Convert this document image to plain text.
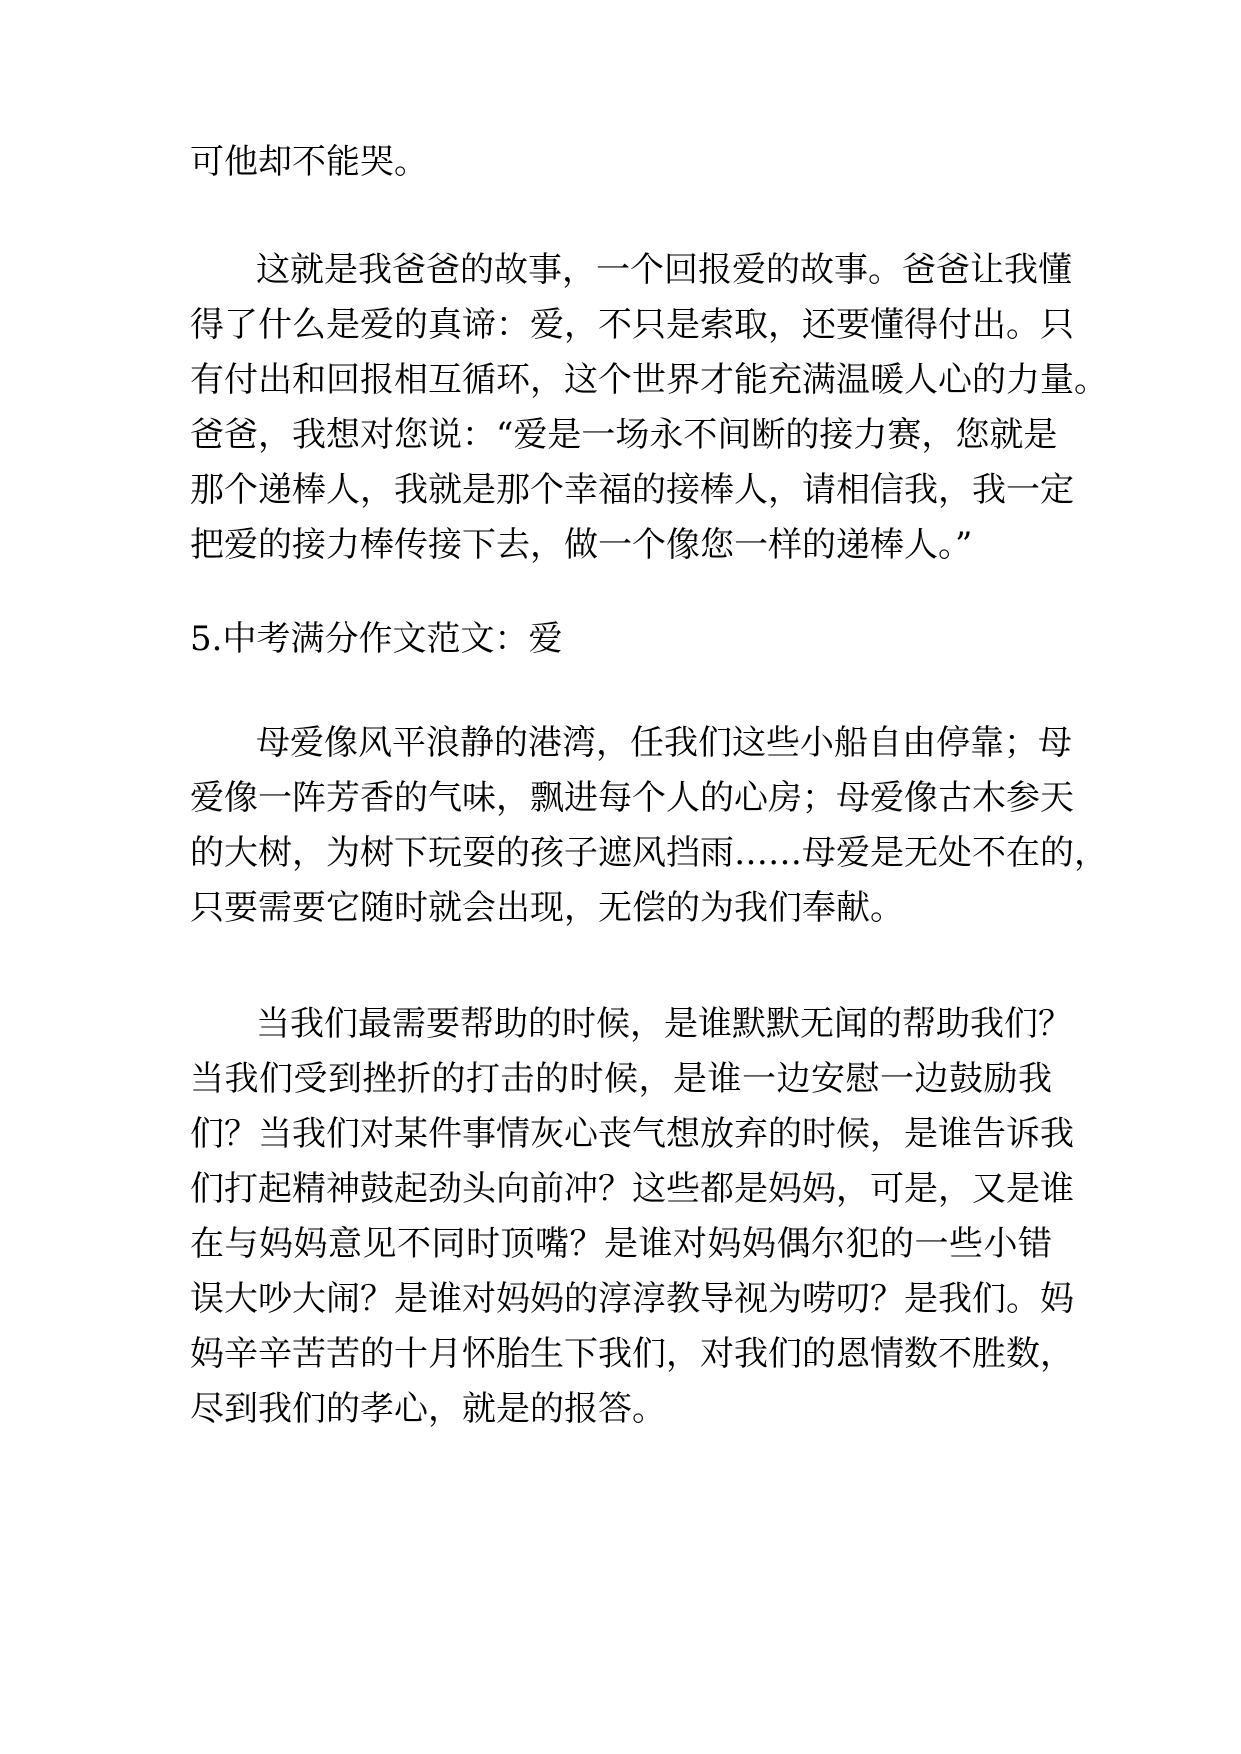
可他却不能哭。
这就是我爸爸的故事，一个回报爱的故事。爸爸让我懂
得了什么是爱的真谛：爱，不只是索取，还要懂得付出。只
有付出和回报相互循环，这个世界才能充满温暖人心的力量。
爸爸，我想对您说：“爱是一场永不间断的接力赛，您就是
那个递棒人，我就是那个幸福的接棒人，请相信我，我一定
把爱的接力棒传接下去，做一个像您一样的递棒人。”
5.中考满分作文范文：爱
母爱像风平浪静的港湾，任我们这些小船自由停靠；母
爱像一阵芳香的气味，飘进每个人的心房；母爱像古木参天
的大树，为树下玩耍的孩子遮风挡雨……母爱是无处不在的，
只要需要它随时就会出现，无偿的为我们奉献。
当我们最需要帮助的时候，是谁默默无闻的帮助我们？
当我们受到挫折的打击的时候，是谁一边安慰一边鼓励我
们？当我们对某件事情灰心丧气想放弃的时候，是谁告诉我
们打起精神鼓起劲头向前冲？这些都是妈妈，可是，又是谁
在与妈妈意见不同时顶嘴？是谁对妈妈偶尔犯的一些小错
误大吵大闹？是谁对妈妈的淳淳教导视为唠叨？是我们。妈
妈辛辛苦苦的十月怀胎生下我们，对我们的恩情数不胜数，
尽到我们的孝心，就是的报答。
